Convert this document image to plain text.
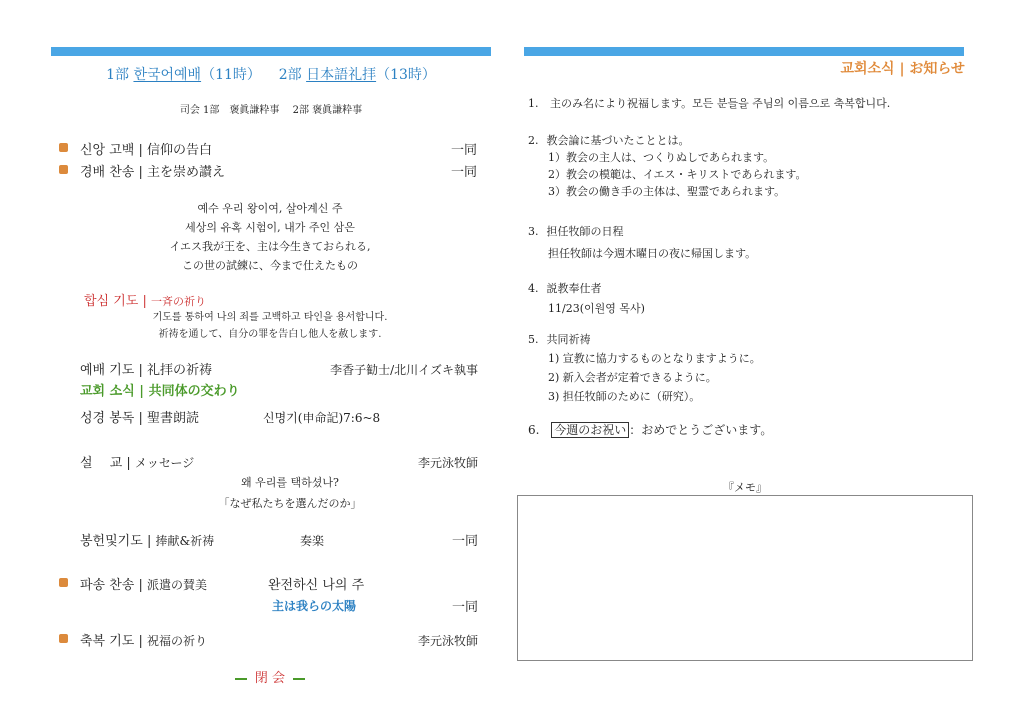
1部 한국어예배（11時） 2部 日本語礼拝（13時）
司会 1部　褒眞謙粋事　 2部 褒眞謙粋事
신앙 고백 | 信仰の告白	一同
경배 찬송 | 主を崇め讃え	一同
예수 우리 왕이여, 살아계신 주
세상의 유혹 시험이, 내가 주인 삼은
イエス我が王を、主は今生きておられる,
この世の試練に、今まで仕えたもの
합심 기도 | 一斉の祈り
기도를 통하여 나의 죄를 고백하고 타인을 용서합니다.
祈祷を通して、自分の罪を告白し他人を赦します.
예배 기도 | 礼拝の祈祷	李香子勧士/北川イズキ執事
교회 소식 | 共同体の交わり
성경 봉독 | 聖書朗読	신명기(申命記)7:6~8
설　 교 | メッセージ	李元泳牧師
왜 우리를 택하셨나?
「なぜ私たちを選んだのか」
봉헌및기도 | 捧献&祈祷	奏楽	一同
파송 찬송 | 派遣の賛美	완전하신 나의 주
主は我らの太陽	一同
축복 기도 | 祝福の祈り	李元泳牧師
閉 会
교회소식 | お知らせ
1. 主のみ名により祝福します。모든 분들을 주님의 이름으로 축복합니다.
2. 教会論に基づいたこととは。
1）教会の主人は、つくりぬしであられます。
2）教会の模範は、イエス・キリストであられます。
3）教会の働き手の主体は、聖霊であられます。
3. 担任牧師の日程
担任牧師は今週木曜日の夜に帰国します。
4. 説教奉仕者
11/23(이원영 목사)
5. 共同祈祷
1) 宣教に協力するものとなりますように。
2) 新入会者が定着できるように。
3) 担任牧師のために（研究）。
6. 今週のお祝い ：おめでとうございます。
『メモ』
